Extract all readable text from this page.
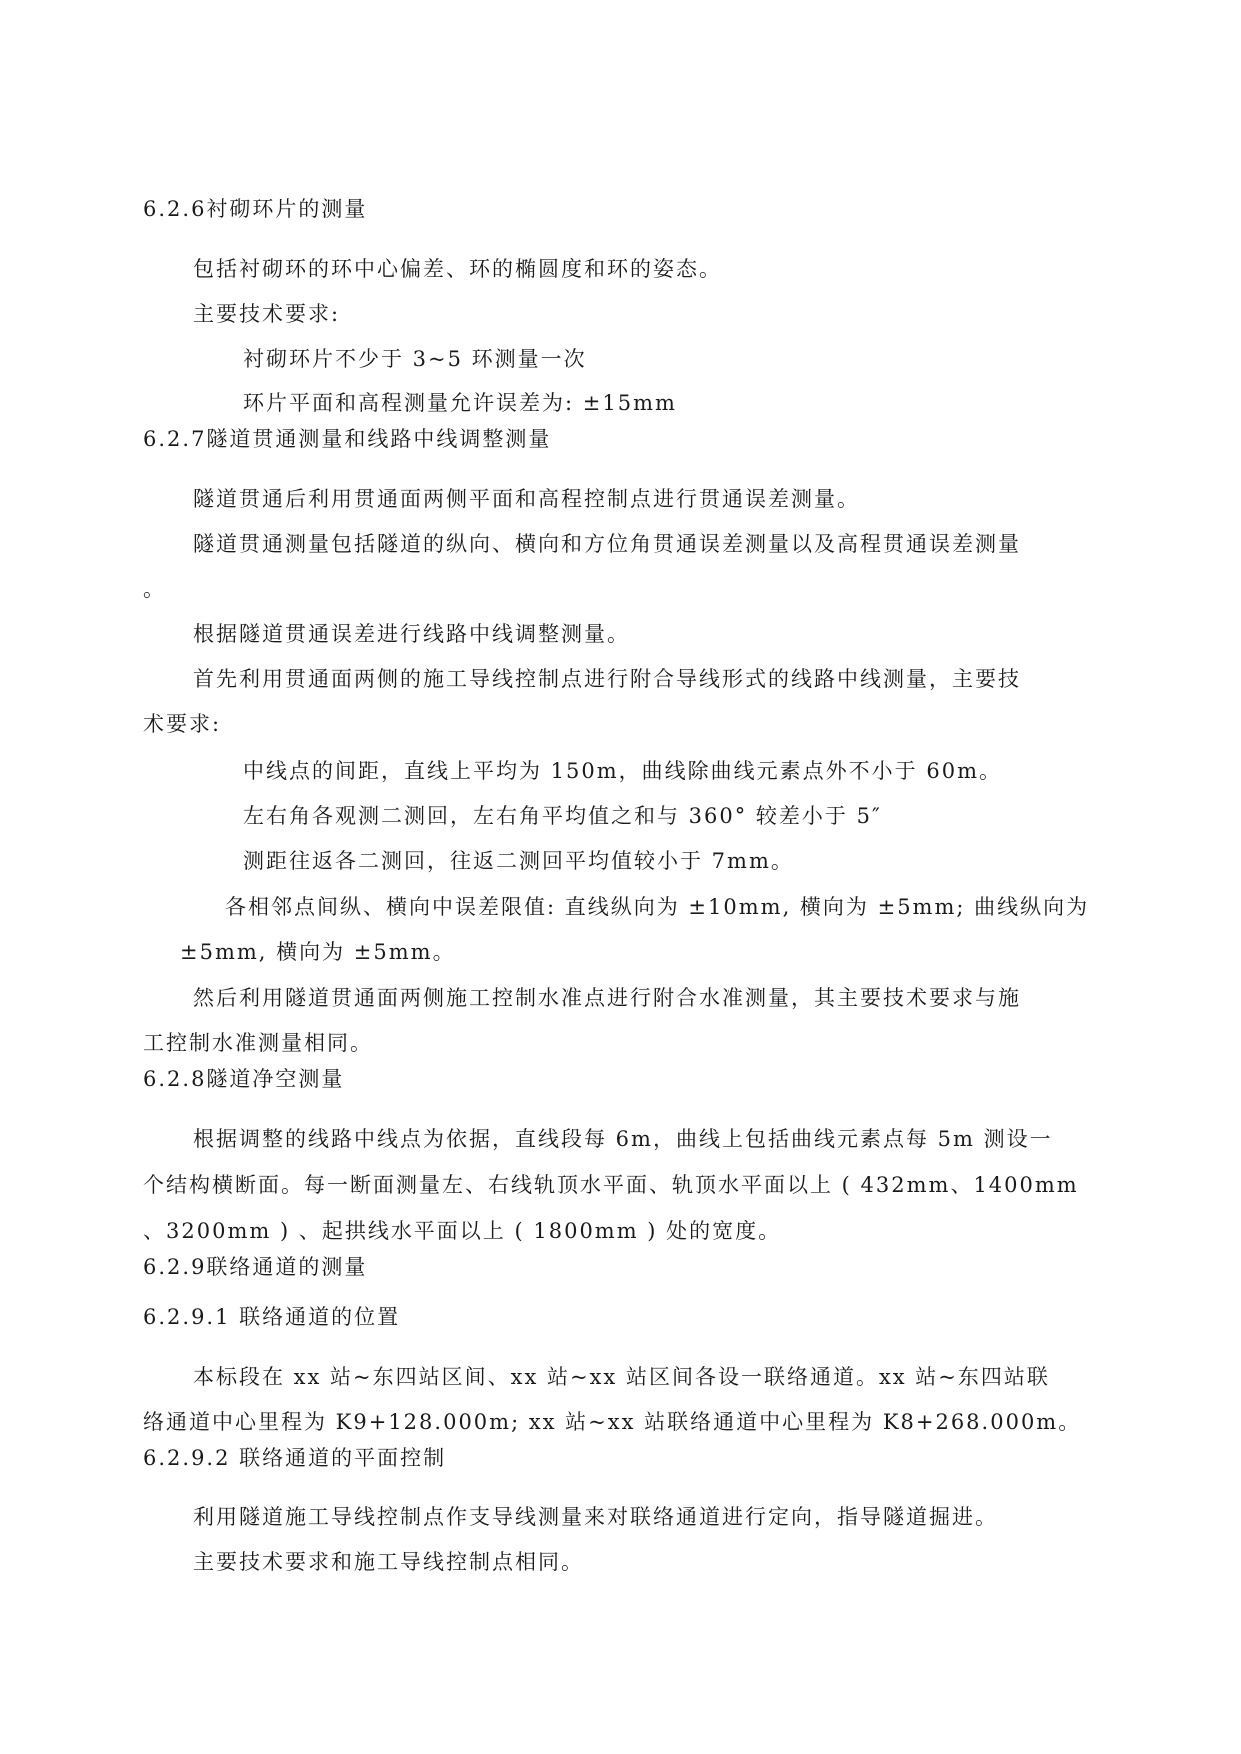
6.2.6衬砌环片的测量
包括衬砌环的环中心偏差、环的椭圆度和环的姿态。
主要技术要求:
衬砌环片不少于 3~5 环测量一次
环片平面和高程测量允许误差为: ±15mm
6.2.7隧道贯通测量和线路中线调整测量
隧道贯通后利用贯通面两侧平面和高程控制点进行贯通误差测量。
隧道贯通测量包括隧道的纵向、横向和方位角贯通误差测量以及高程贯通误差测量
。
根据隧道贯通误差进行线路中线调整测量。
首先利用贯通面两侧的施工导线控制点进行附合导线形式的线路中线测量，主要技
术要求:
中线点的间距，直线上平均为 150m，曲线除曲线元素点外不小于 60m。
左右角各观测二测回，左右角平均值之和与 360° 较差小于 5″
测距往返各二测回，往返二测回平均值较小于 7mm。
各相邻点间纵、横向中误差限值: 直线纵向为 ±10mm, 横向为 ±5mm; 曲线纵向为
±5mm, 横向为 ±5mm。
然后利用隧道贯通面两侧施工控制水准点进行附合水准测量，其主要技术要求与施
工控制水准测量相同。
6.2.8隧道净空测量
根据调整的线路中线点为依据，直线段每 6m，曲线上包括曲线元素点每 5m 测设一
个结构横断面。每一断面测量左、右线轨顶水平面、轨顶水平面以上 ( 432mm、1400mm
、3200mm ) 、起拱线水平面以上 ( 1800mm ) 处的宽度。
6.2.9联络通道的测量
6.2.9.1 联络通道的位置
本标段在 xx 站~东四站区间、xx 站~xx 站区间各设一联络通道。xx 站~东四站联
络通道中心里程为 K9+128.000m; xx 站~xx 站联络通道中心里程为 K8+268.000m。
6.2.9.2 联络通道的平面控制
利用隧道施工导线控制点作支导线测量来对联络通道进行定向，指导隧道掘进。
主要技术要求和施工导线控制点相同。
